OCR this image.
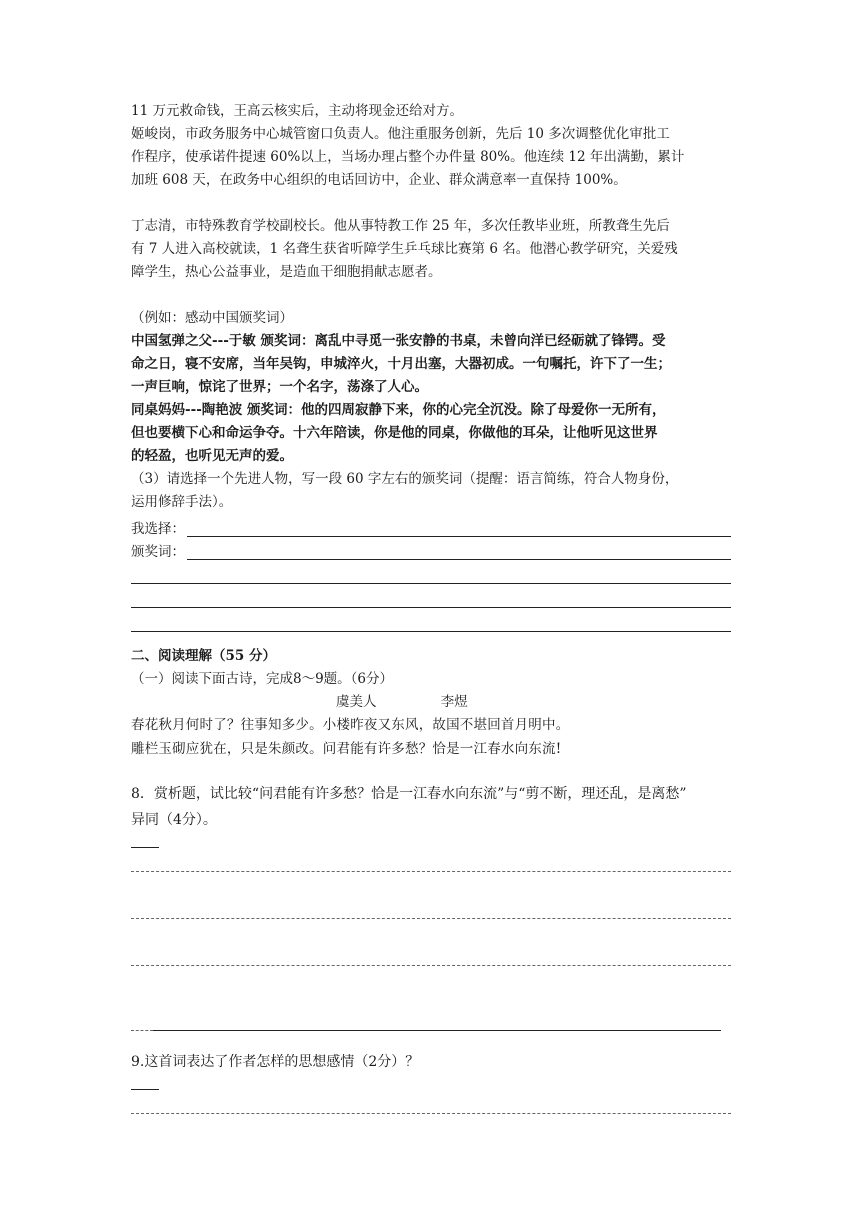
11 万元救命钱，王高云核实后，主动将现金还给对方。
姬峻岗，市政务服务中心城管窗口负责人。他注重服务创新，先后 10 多次调整优化审批工
作程序，使承诺件提速 60%以上，当场办理占整个办件量 80%。他连续 12 年出满勤，累计
加班 608 天，在政务中心组织的电话回访中，企业、群众满意率一直保持 100%。
丁志清，市特殊教育学校副校长。他从事特教工作 25 年，多次任教毕业班，所教聋生先后
有 7 人进入高校就读，1 名聋生获省听障学生乒乓球比赛第 6 名。他潜心教学研究，关爱残
障学生，热心公益事业，是造血干细胞捐献志愿者。
（例如：感动中国颁奖词）
中国氢弹之父---于敏 颁奖词：离乱中寻觅一张安静的书桌，未曾向洋已经砺就了锋锷。受
命之日，寝不安席，当年吴钩，申城淬火，十月出塞，大器初成。一句嘱托，许下了一生；
一声巨响，惊诧了世界；一个名字，荡涤了人心。
同桌妈妈---陶艳波 颁奖词：他的四周寂静下来，你的心完全沉没。除了母爱你一无所有，
但也要横下心和命运争夺。十六年陪读，你是他的同桌，你做他的耳朵，让他听见这世界
的轻盈，也听见无声的爱。
（3）请选择一个先进人物，写一段 60 字左右的颁奖词（提醒：语言简练，符合人物身份，
运用修辞手法）。
我选择：
颁奖词：
二、阅读理解（55 分）
（一）阅读下面古诗，完成8～9题。（6分）
虞美人	李煜
春花秋月何时了？往事知多少。小楼昨夜又东风，故国不堪回首月明中。
雕栏玉砌应犹在，只是朱颜改。问君能有许多愁？恰是一江春水向东流!
8．赏析题，试比较“问君能有许多愁？恰是一江春水向东流”与“剪不断，理还乱，是离愁”
异同（4分）。
9.这首词表达了作者怎样的思想感情（2分）？
